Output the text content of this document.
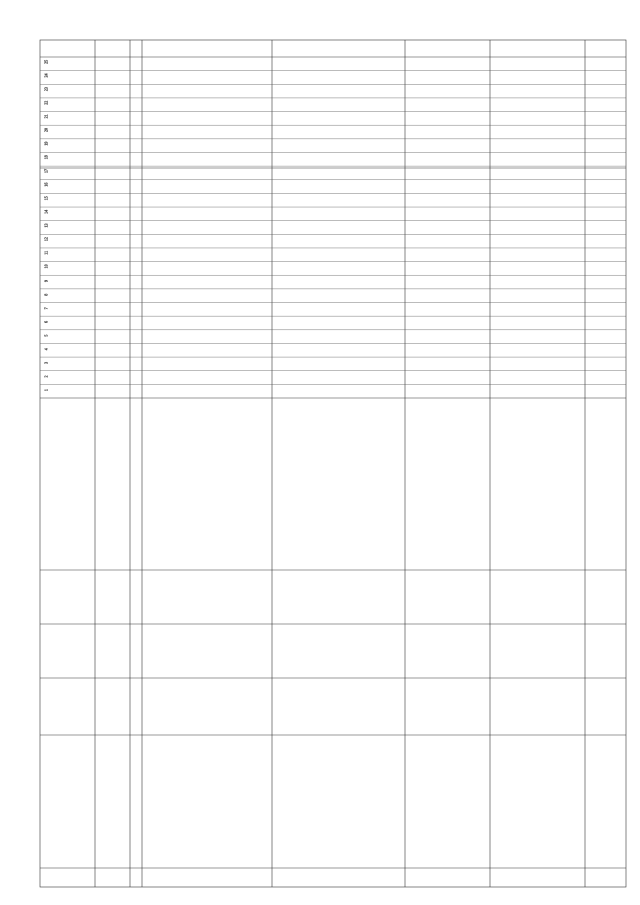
1
2
3
4
5
6
7
8
9
10
11
12
13
14
15
16
17
18
19
20
21
22
23
24
25
